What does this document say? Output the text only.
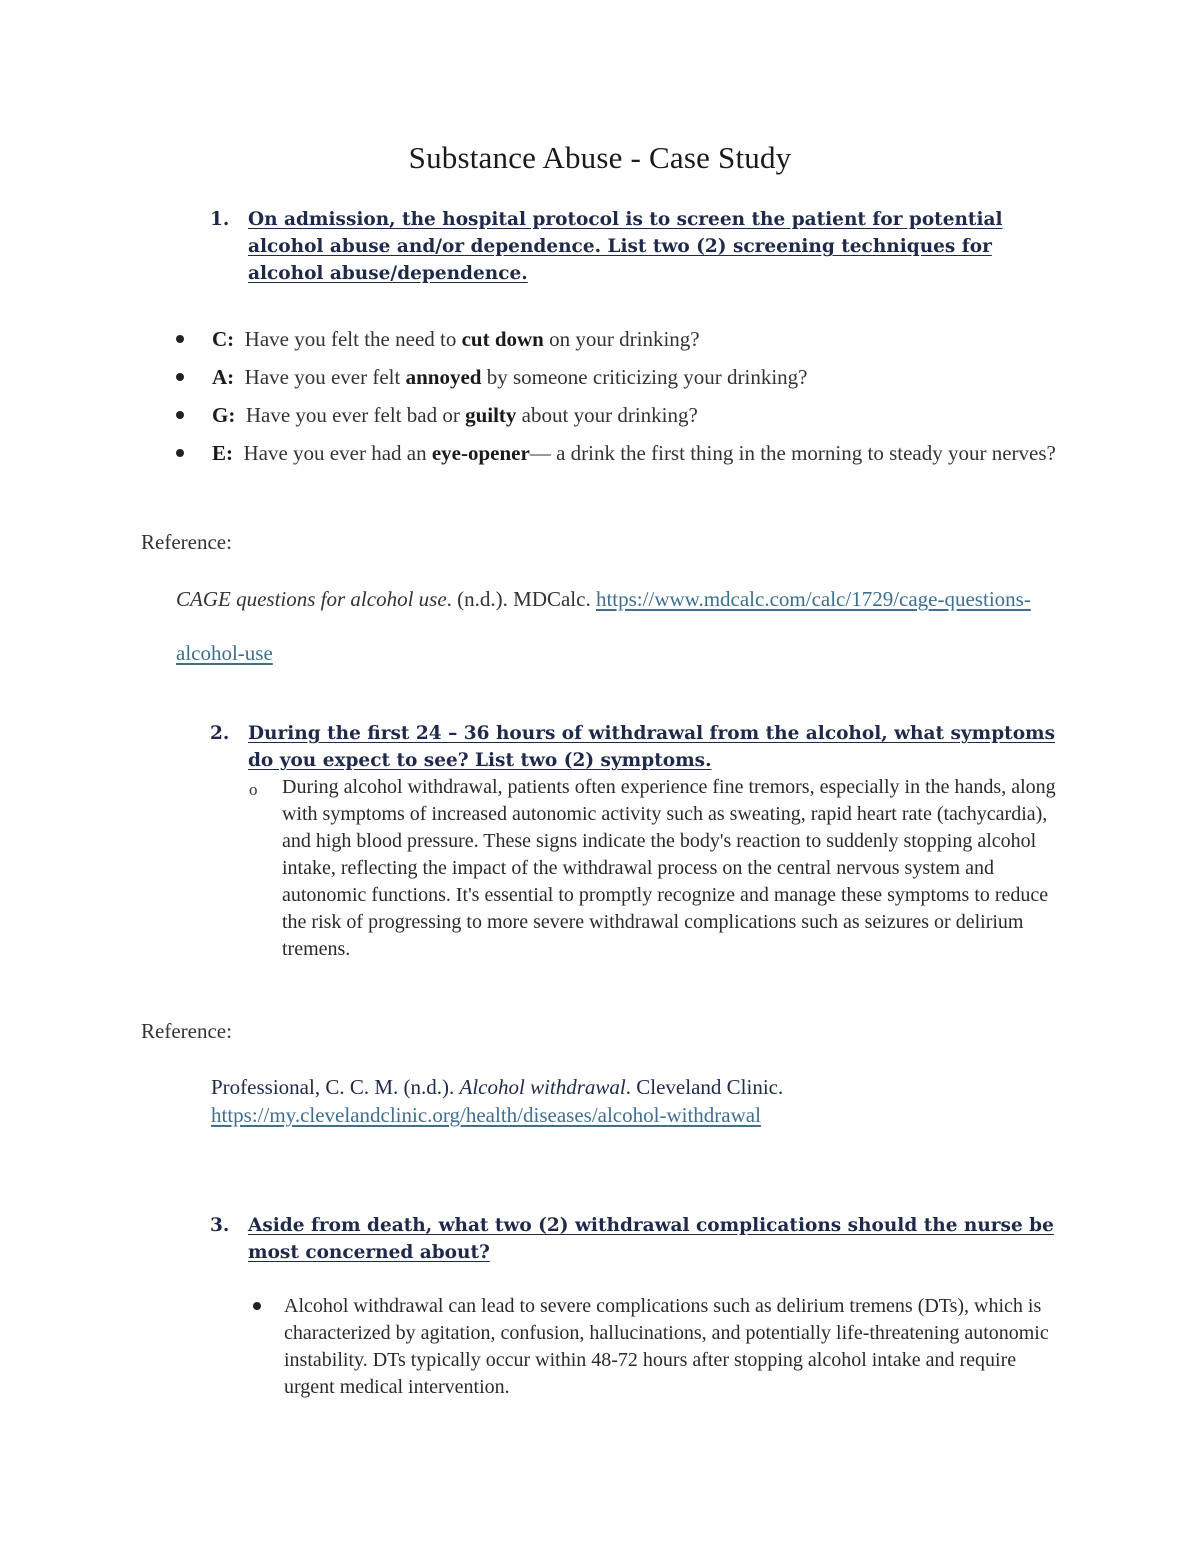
Substance Abuse - Case Study
1. On admission, the hospital protocol is to screen the patient for potential alcohol abuse and/or dependence. List two (2) screening techniques for alcohol abuse/dependence.
C: Have you felt the need to cut down on your drinking?
A: Have you ever felt annoyed by someone criticizing your drinking?
G: Have you ever felt bad or guilty about your drinking?
E: Have you ever had an eye-opener— a drink the first thing in the morning to steady your nerves?
Reference:
CAGE questions for alcohol use. (n.d.). MDCalc. https://www.mdcalc.com/calc/1729/cage-questions-alcohol-use
2. During the first 24 – 36 hours of withdrawal from the alcohol, what symptoms do you expect to see? List two (2) symptoms.
o During alcohol withdrawal, patients often experience fine tremors, especially in the hands, along with symptoms of increased autonomic activity such as sweating, rapid heart rate (tachycardia), and high blood pressure. These signs indicate the body's reaction to suddenly stopping alcohol intake, reflecting the impact of the withdrawal process on the central nervous system and autonomic functions. It's essential to promptly recognize and manage these symptoms to reduce the risk of progressing to more severe withdrawal complications such as seizures or delirium tremens.
Reference:
Professional, C. C. M. (n.d.). Alcohol withdrawal. Cleveland Clinic. https://my.clevelandclinic.org/health/diseases/alcohol-withdrawal
3. Aside from death, what two (2) withdrawal complications should the nurse be most concerned about?
Alcohol withdrawal can lead to severe complications such as delirium tremens (DTs), which is characterized by agitation, confusion, hallucinations, and potentially life-threatening autonomic instability. DTs typically occur within 48-72 hours after stopping alcohol intake and require urgent medical intervention.
